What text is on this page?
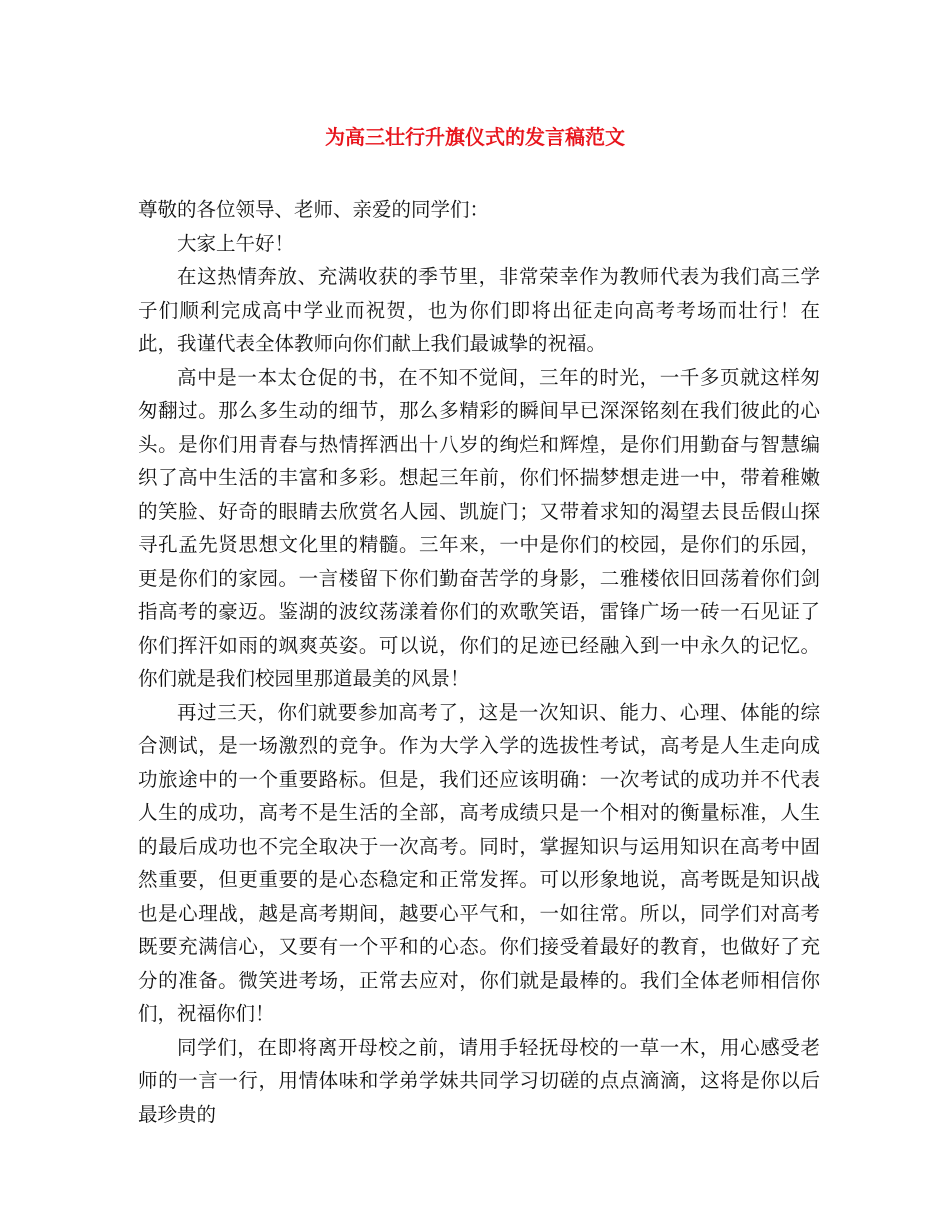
为高三壮行升旗仪式的发言稿范文

尊敬的各位领导、老师、亲爱的同学们：

大家上午好！

在这热情奔放、充满收获的季节里，非常荣幸作为教师代表为我们高三学子们顺利完成高中学业而祝贺，也为你们即将出征走向高考考场而壮行！在此，我谨代表全体教师向你们献上我们最诚挚的祝福。

高中是一本太仓促的书，在不知不觉间，三年的时光，一千多页就这样匆匆翻过。那么多生动的细节，那么多精彩的瞬间早已深深铭刻在我们彼此的心头。是你们用青春与热情挥洒出十八岁的绚烂和辉煌，是你们用勤奋与智慧编织了高中生活的丰富和多彩。想起三年前，你们怀揣梦想走进一中，带着稚嫩的笑脸、好奇的眼睛去欣赏名人园、凯旋门；又带着求知的渴望去艮岳假山探寻孔孟先贤思想文化里的精髓。三年来，一中是你们的校园，是你们的乐园，更是你们的家园。一言楼留下你们勤奋苦学的身影，二雅楼依旧回荡着你们剑指高考的豪迈。鉴湖的波纹荡漾着你们的欢歌笑语，雷锋广场一砖一石见证了你们挥汗如雨的飒爽英姿。可以说，你们的足迹已经融入到一中永久的记忆。你们就是我们校园里那道最美的风景！

再过三天，你们就要参加高考了，这是一次知识、能力、心理、体能的综合测试，是一场激烈的竞争。作为大学入学的选拔性考试，高考是人生走向成功旅途中的一个重要路标。但是，我们还应该明确：一次考试的成功并不代表人生的成功，高考不是生活的全部，高考成绩只是一个相对的衡量标准，人生的最后成功也不完全取决于一次高考。同时，掌握知识与运用知识在高考中固然重要，但更重要的是心态稳定和正常发挥。可以形象地说，高考既是知识战也是心理战，越是高考期间，越要心平气和，一如往常。所以，同学们对高考既要充满信心，又要有一个平和的心态。你们接受着最好的教育，也做好了充分的准备。微笑进考场，正常去应对，你们就是最棒的。我们全体老师相信你们，祝福你们！

同学们，在即将离开母校之前，请用手轻抚母校的一草一木，用心感受老师的一言一行，用情体味和学弟学妹共同学习切磋的点点滴滴，这将是你以后最珍贵的
